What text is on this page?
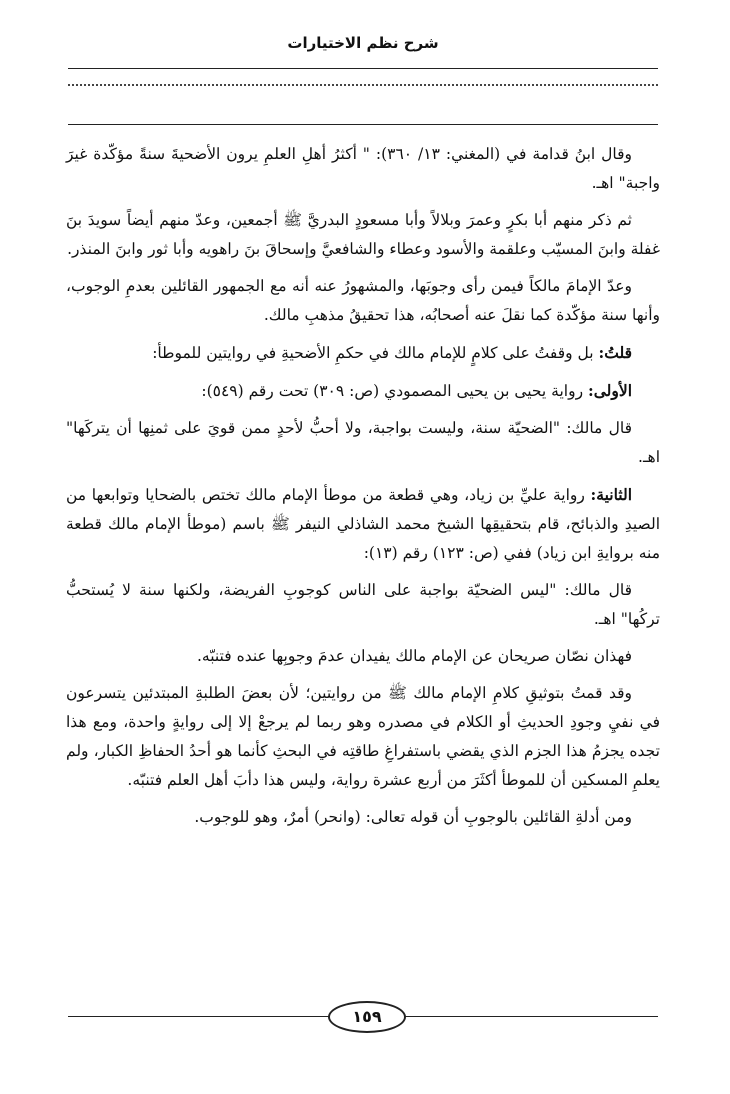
شرح نظم الاختيارات

وقال ابنُ قدامة في (المغني: ١٣/ ٣٦٠): " أكثرُ أهلِ العلمِ يرون الأضحيةَ سنةً مؤكّدة غيرَ واجبة" اهـ.

ثم ذكر منهم أبا بكرٍ وعمرَ وبلالاً وأبا مسعودٍ البدريَّ ﷺ أجمعين، وعدّ منهم أيضاً سويدَ بنَ غفلة وابنَ المسيّب وعلقمة والأسود وعطاء والشافعيَّ وإسحاقَ بنَ راهويه وأبا ثور وابنَ المنذر.

وعدّ الإمامَ مالكاً فيمن رأى وجوبَها، والمشهورُ عنه أنه مع الجمهور القائلين بعدمِ الوجوب، وأنها سنة مؤكّدة كما نقلَ عنه أصحابُه، هذا تحقيقُ مذهبِ مالك.

قلتُ: بل وقفتُ على كلامٍ للإمام مالك في حكمِ الأضحيةِ في روايتين للموطأ:

الأولى: رواية يحيى بن يحيى المصمودي (ص: ٣٠٩) تحت رقم (٥٤٩):

قال مالك: "الضحيّة سنة، وليست بواجبة، ولا أحبُّ لأحدٍ ممن قويَ على ثمنِها أن يتركَها" اهـ.

الثانية: رواية عليِّ بن زياد، وهي قطعة من موطأ الإمام مالك تختص بالضحايا وتوابعها من الصيدِ والذبائح، قام بتحقيقِها الشيخ محمد الشاذلي النيفر ﷺ باسم (موطأ الإمام مالك قطعة منه بروايةِ ابن زياد) ففي (ص: ١٢٣) رقم (١٣):

قال مالك: "ليس الضحيّة بواجبة على الناس كوجوبِ الفريضة، ولكنها سنة لا يُستحبُّ تركُها" اهـ.

فهذان نصّان صريحان عن الإمام مالك يفيدان عدمَ وجوبِها عنده فتنبّه.

وقد قمتُ بتوثيقِ كلامِ الإمام مالك ﷺ من روايتين؛ لأن بعضَ الطلبةِ المبتدئين يتسرعون في نفيِ وجودِ الحديثِ أو الكلام في مصدره وهو ربما لم يرجعْ إلا إلى روايةٍ واحدة، ومع هذا تجده يجزمُ هذا الجزم الذي يقضي باستفراغِ طاقتِه في البحثِ كأنما هو أحدُ الحفاظِ الكبار، ولم يعلمِ المسكين أن للموطأ أكثَرَ من أربع عشرة رواية، وليس هذا دأبَ أهل العلم فتنبّه.

ومن أدلةِ القائلين بالوجوبِ أن قوله تعالى: (وانحر) أمرٌ، وهو للوجوب.

١٥٩
